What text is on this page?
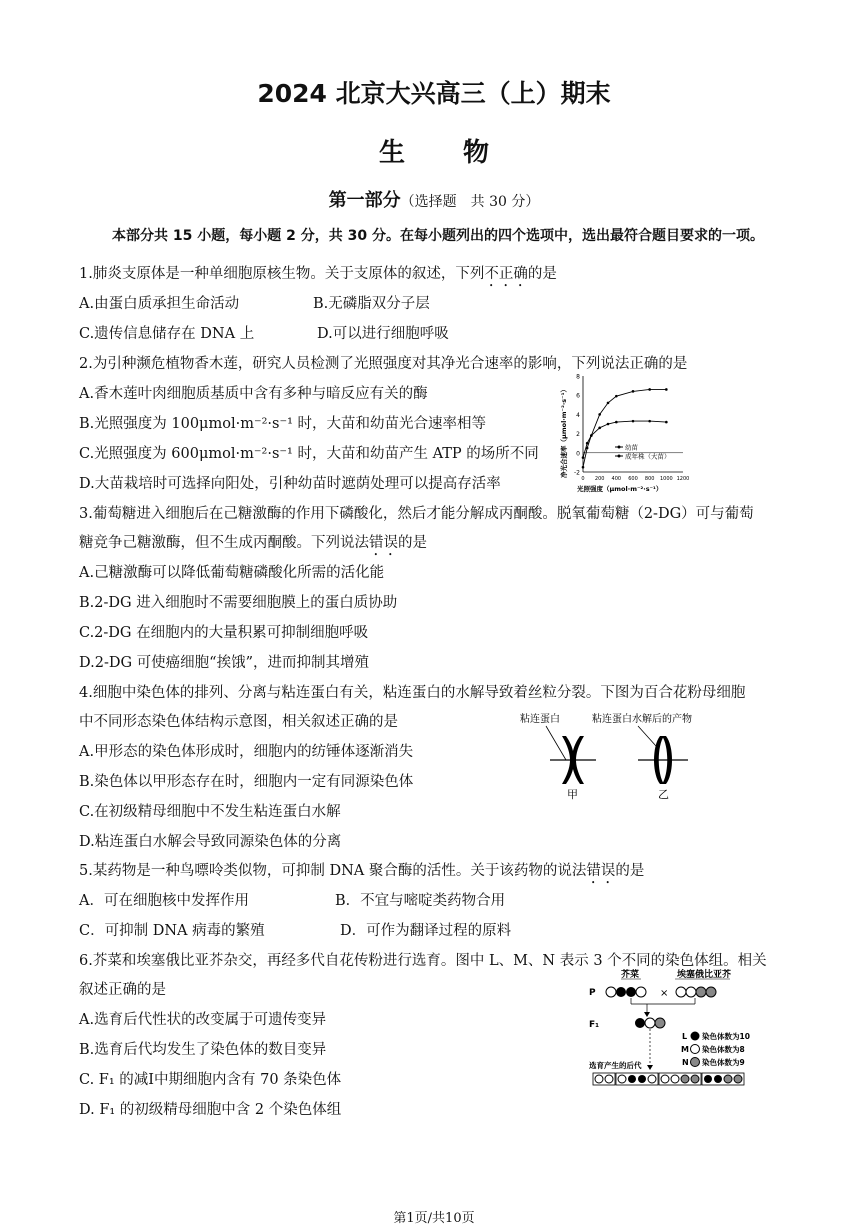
2024 北京大兴高三（上）期末
生物
第一部分（选择题　共 30 分）
本部分共 15 小题，每小题 2 分，共 30 分。在每小题列出的四个选项中，选出最符合题目要求的一项。
1.肺炎支原体是一种单细胞原核生物。关于支原体的叙述，下列不正确的是
A.由蛋白质承担生命活动	B.无磷脂双分子层
C.遗传信息储存在 DNA 上	D.可以进行细胞呼吸
2.为引种濒危植物香木莲，研究人员检测了光照强度对其净光合速率的影响，下列说法正确的是
A.香木莲叶肉细胞质基质中含有多种与暗反应有关的酶
B.光照强度为 100μmol·m⁻²·s⁻¹ 时，大苗和幼苗光合速率相等
C.光照强度为 600μmol·m⁻²·s⁻¹ 时，大苗和幼苗产生 ATP 的场所不同
D.大苗栽培时可选择向阳处，引种幼苗时遮荫处理可以提高存活率
净光合速率（μmol·m⁻²·s⁻¹）
8
6
4
2
0
-2
0 200 400 600 800 1000 1200
幼苗
成年株（大苗）
光照强度（μmol·m⁻²·s⁻¹）
3.葡萄糖进入细胞后在己糖激酶的作用下磷酸化，然后才能分解成丙酮酸。脱氧葡萄糖（2-DG）可与葡萄
糖竞争己糖激酶，但不生成丙酮酸。下列说法错误的是
A.己糖激酶可以降低葡萄糖磷酸化所需的活化能
B.2-DG 进入细胞时不需要细胞膜上的蛋白质协助
C.2-DG 在细胞内的大量积累可抑制细胞呼吸
D.2-DG 可使癌细胞“挨饿”，进而抑制其增殖
4.细胞中染色体的排列、分离与粘连蛋白有关，粘连蛋白的水解导致着丝粒分裂。下图为百合花粉母细胞
中不同形态染色体结构示意图，相关叙述正确的是
A.甲形态的染色体形成时，细胞内的纺锤体逐渐消失
B.染色体以甲形态存在时，细胞内一定有同源染色体
C.在初级精母细胞中不发生粘连蛋白水解
D.粘连蛋白水解会导致同源染色体的分离
粘连蛋白	粘连蛋白水解后的产物
甲	乙
5.某药物是一种鸟嘌呤类似物，可抑制 DNA 聚合酶的活性。关于该药物的说法错误的是
A．可在细胞核中发挥作用	B．不宜与嘧啶类药物合用
C．可抑制 DNA 病毒的繁殖	D．可作为翻译过程的原料
6.芥菜和埃塞俄比亚芥杂交，再经多代自花传粉进行选育。图中 L、M、N 表示 3 个不同的染色体组。相关
叙述正确的是
A.选育后代性状的改变属于可遗传变异
B.选育后代均发生了染色体的数目变异
C. F₁ 的减Ⅰ中期细胞内含有 70 条染色体
D. F₁ 的初级精母细胞中含 2 个染色体组
芥菜	埃塞俄比亚芥
P	×
F₁
L 染色体数为10
M 染色体数为8
N 染色体数为9
选育产生的后代
第1页/共10页
